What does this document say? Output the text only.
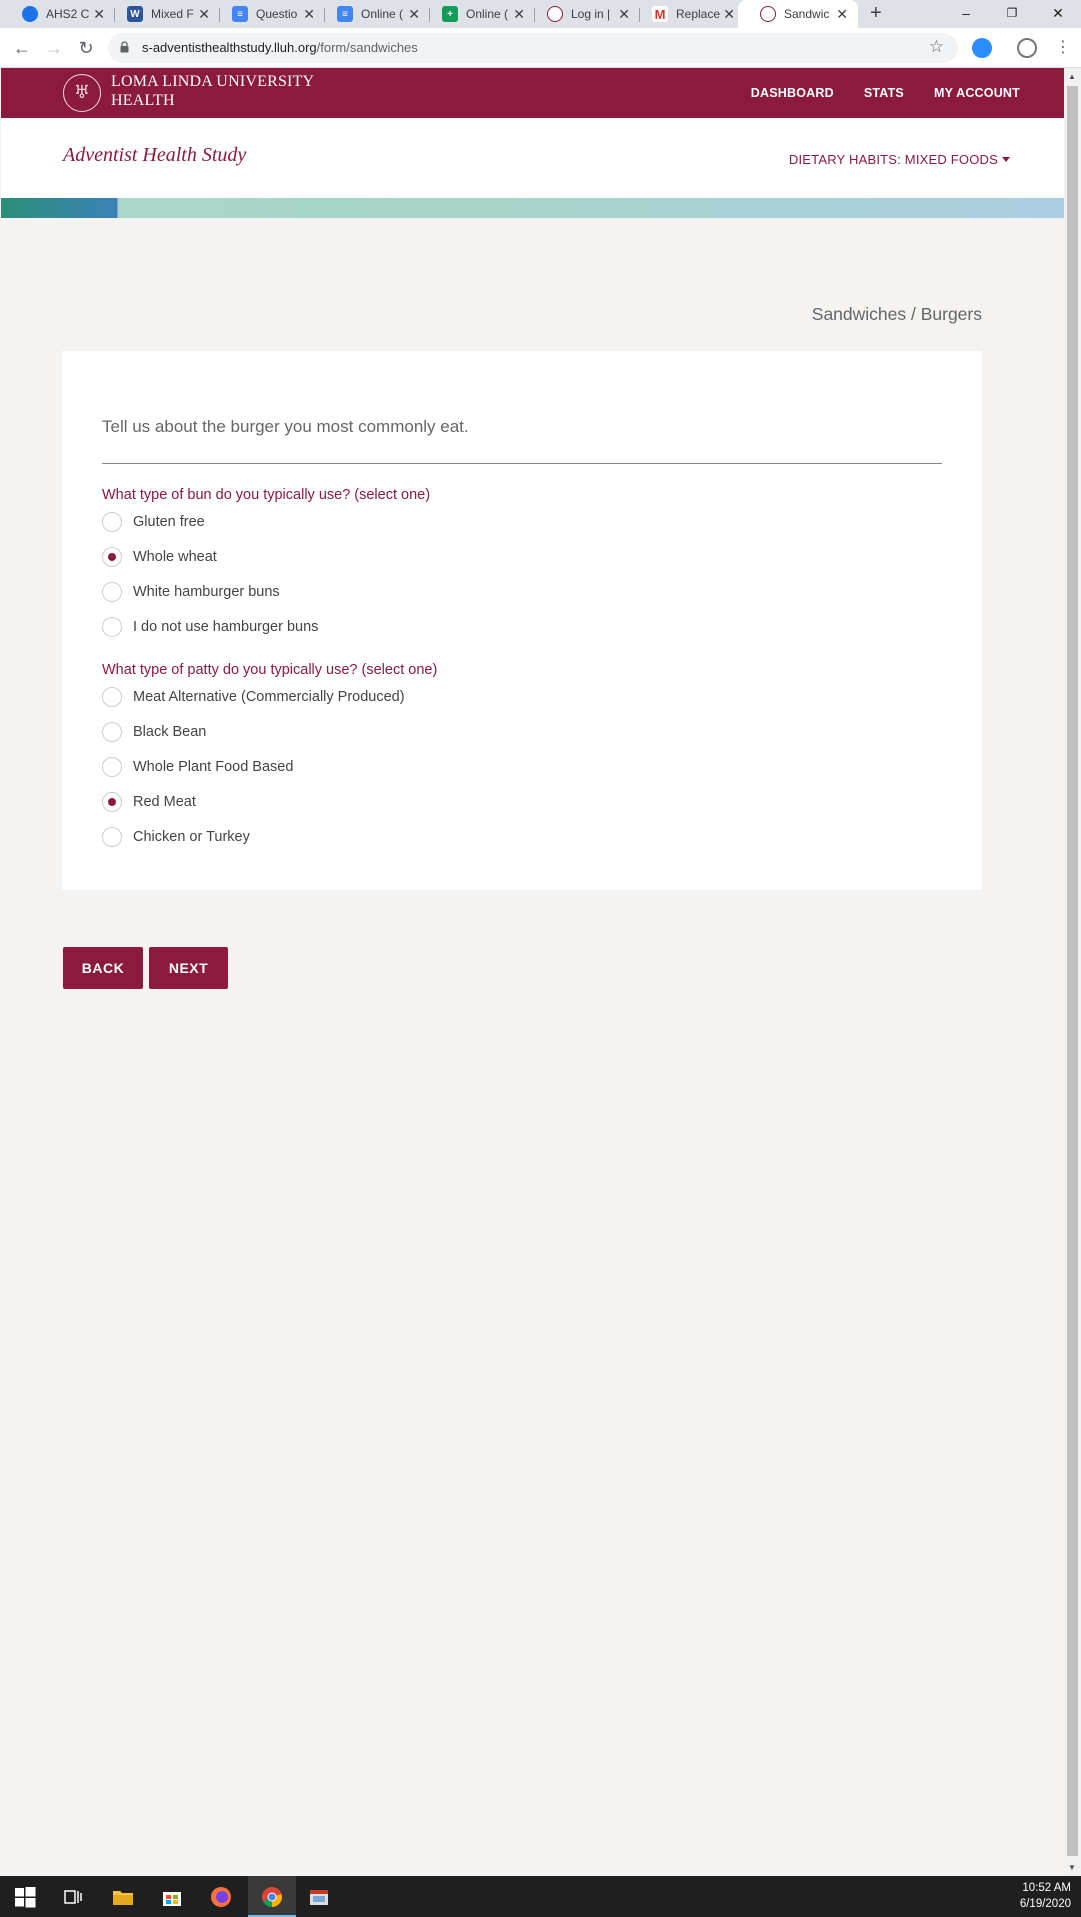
AHS2 C ✕	W Mixed F ✕	≡	Questio ✕	≡	Online ( ✕	+	Online ( ✕	Log in | ✕ M Replace ✕	Sandwic ✕ +	–	❐	✕
← → ↻	s-adventisthealthstudy.lluh.org/form/sandwiches	☆	⋮
♅
LOMA LINDA UNIVERSITY
HEALTH	DASHBOARD STATS MY ACCOUNT
Adventist Health Study	DIETARY HABITS: MIXED FOODS
▲
▼
Sandwiches / Burgers
Tell us about the burger you most commonly eat.
What type of bun do you typically use? (select one)
Gluten free
Whole wheat
White hamburger buns
I do not use hamburger buns
What type of patty do you typically use? (select one)
Meat Alternative (Commercially Produced)
Black Bean
Whole Plant Food Based
Red Meat
Chicken or Turkey
BACK	NEXT
10:52 AM
6/19/2020
